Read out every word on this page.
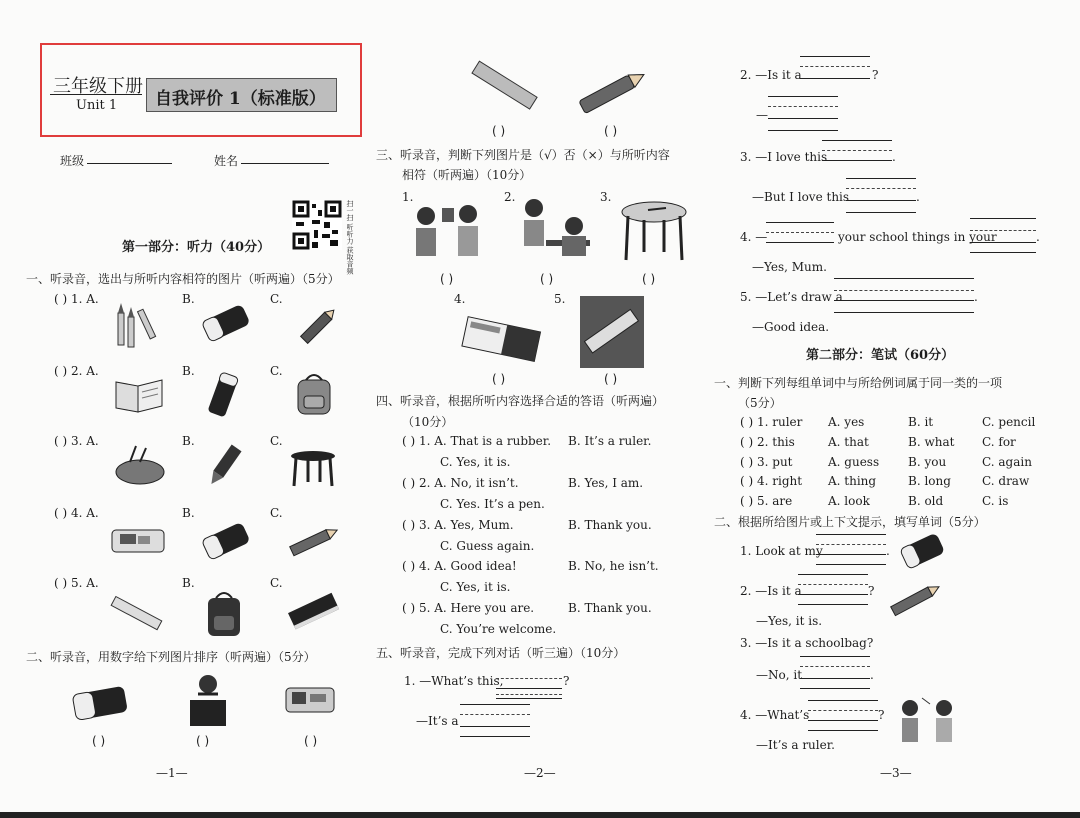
三年级下册
Unit 1 自我评价 1（标准版）
班级	姓名
扫一扫 听听力 获取音频
第一部分：听力（40分）
一、听录音，选出与所听内容相符的图片（听两遍）（5分）
( ) 1. A.	B.	C.
( ) 2. A.	B.	C.
( ) 3. A.	B.	C.
( ) 4. A.	B.	C.
( ) 5. A.	B.	C.
二、听录音，用数字给下列图片排序（听两遍）（5分）
( )	( )	( )
—1—
( )	( )
三、听录音，判断下列图片是（√）否（×）与所听内容
相符（听两遍）（10分）
1.	2.	3.
( )	( )	( )
4.	5.
( )	( )
四、听录音，根据所听内容选择合适的答语（听两遍）
（10分）
( ) 1. A. That is a rubber. B. It’s a ruler.
C. Yes, it is.
( ) 2. A. No, it isn’t.	B. Yes, I am.
C. Yes. It’s a pen.
( ) 3. A. Yes, Mum.	B. Thank you.
C. Guess again.
( ) 4. A. Good idea!	B. No, he isn’t.
C. Yes, it is.
( ) 5. A. Here you are.	B. Thank you.
C. You’re welcome.
五、听录音，完成下列对话（听三遍）（10分）
1. —What’s this,	?
—It’s a
—2—
2. —Is it a	?
—
3. —I love this	.
—But I love this	.
4. —	your school things in your	.
—Yes, Mum.
5. —Let’s draw a	.
—Good idea.
第二部分：笔试（60分）
一、判断下列每组单词中与所给例词属于同一类的一项
（5分）
( ) 1. ruler A. yes	B. it	C. pencil
( ) 2. this	A. that	B. what C. for
( ) 3. put	A. guess B. you	C. again
( ) 4. right A. thing	B. long	C. draw
( ) 5. are	A. look	B. old	C. is
二、根据所给图片或上下文提示，填写单词（5分）
1. Look at my	.
2. —Is it a	?
—Yes, it is.
3. —Is it a schoolbag?
—No, it	.
4. —What’s	?
—It’s a ruler.
—3—
